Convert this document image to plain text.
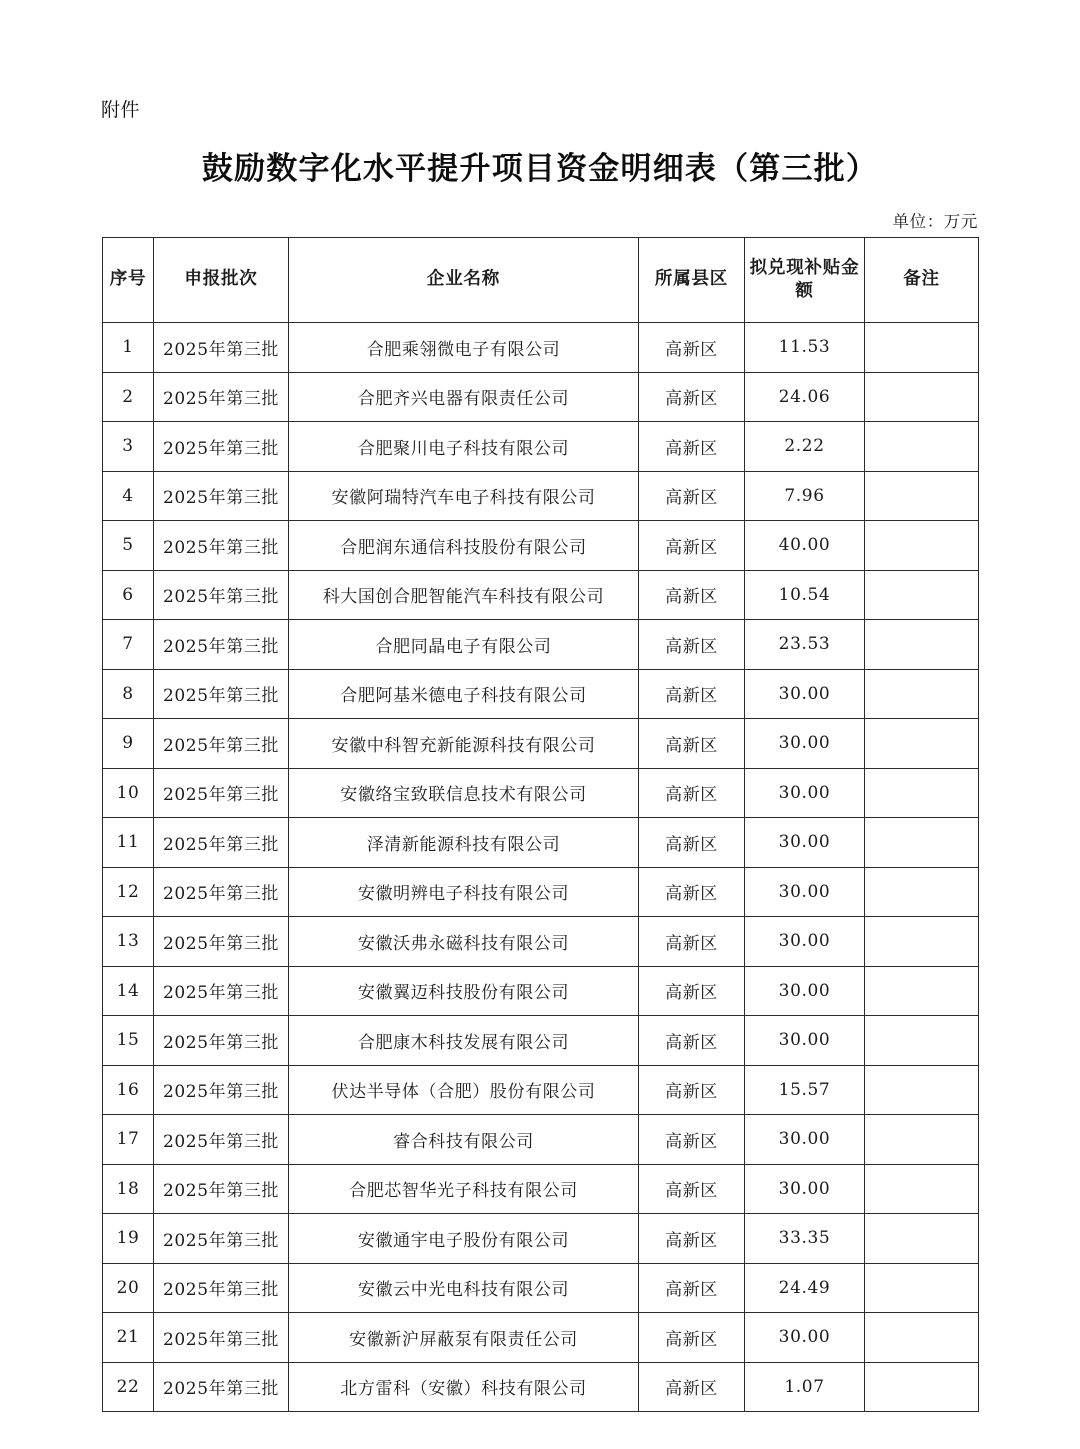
附件
鼓励数字化水平提升项目资金明细表（第三批）
单位：万元
序号	申报批次	企业名称	所属县区	拟兑现补贴金额	备注
1	2025年第三批	合肥乘翎微电子有限公司	高新区	11.53	
2	2025年第三批	合肥齐兴电器有限责任公司	高新区	24.06	
3	2025年第三批	合肥聚川电子科技有限公司	高新区	2.22	
4	2025年第三批	安徽阿瑞特汽车电子科技有限公司	高新区	7.96	
5	2025年第三批	合肥润东通信科技股份有限公司	高新区	40.00	
6	2025年第三批	科大国创合肥智能汽车科技有限公司	高新区	10.54	
7	2025年第三批	合肥同晶电子有限公司	高新区	23.53	
8	2025年第三批	合肥阿基米德电子科技有限公司	高新区	30.00	
9	2025年第三批	安徽中科智充新能源科技有限公司	高新区	30.00	
10	2025年第三批	安徽络宝致联信息技术有限公司	高新区	30.00	
11	2025年第三批	泽清新能源科技有限公司	高新区	30.00	
12	2025年第三批	安徽明辨电子科技有限公司	高新区	30.00	
13	2025年第三批	安徽沃弗永磁科技有限公司	高新区	30.00	
14	2025年第三批	安徽翼迈科技股份有限公司	高新区	30.00	
15	2025年第三批	合肥康木科技发展有限公司	高新区	30.00	
16	2025年第三批	伏达半导体（合肥）股份有限公司	高新区	15.57	
17	2025年第三批	睿合科技有限公司	高新区	30.00	
18	2025年第三批	合肥芯智华光子科技有限公司	高新区	30.00	
19	2025年第三批	安徽通宇电子股份有限公司	高新区	33.35	
20	2025年第三批	安徽云中光电科技有限公司	高新区	24.49	
21	2025年第三批	安徽新沪屏蔽泵有限责任公司	高新区	30.00	
22	2025年第三批	北方雷科（安徽）科技有限公司	高新区	1.07	
